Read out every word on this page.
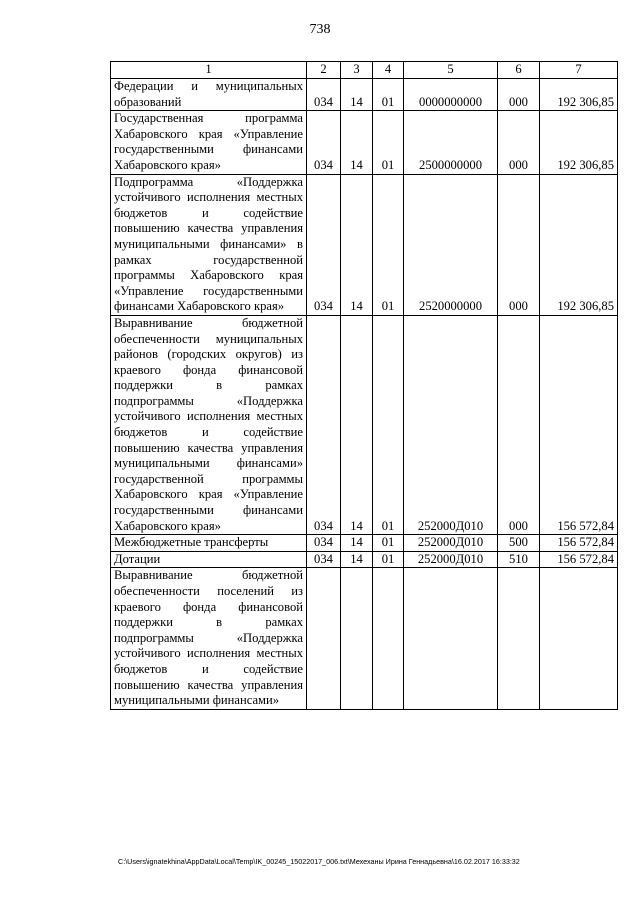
738
1	2	3	4	5	6	7
Федерации и муниципальных образований	034	14	01	0000000000	000	192 306,85
Государственная программа Хабаровского края «Управление государственными финансами Хабаровского края»	034	14	01	2500000000	000	192 306,85
Подпрограмма «Поддержка устойчивого исполнения местных бюджетов и содействие повышению качества управления муниципальными финансами» в рамках государственной программы Хабаровского края «Управление государственными финансами Хабаровского края»	034	14	01	2520000000	000	192 306,85
Выравнивание бюджетной обеспеченности муниципальных районов (городских округов) из краевого фонда финансовой поддержки в рамках подпрограммы «Поддержка устойчивого исполнения местных бюджетов и содействие повышению качества управления муниципальными финансами» государственной программы Хабаровского края «Управление государственными финансами Хабаровского края»	034	14	01	252000Д010	000	156 572,84
Межбюджетные трансферты	034	14	01	252000Д010	500	156 572,84
Дотации	034	14	01	252000Д010	510	156 572,84
Выравнивание бюджетной обеспеченности поселений из краевого фонда финансовой поддержки в рамках подпрограммы «Поддержка устойчивого исполнения местных бюджетов и содействие повышению качества управления муниципальными финансами»						
C:\Users\ignatekhina\AppData\Local\Temp\IK_00245_15022017_006.txt\Мехеханы Ирина Геннадьевна\16.02.2017 16:33:32
